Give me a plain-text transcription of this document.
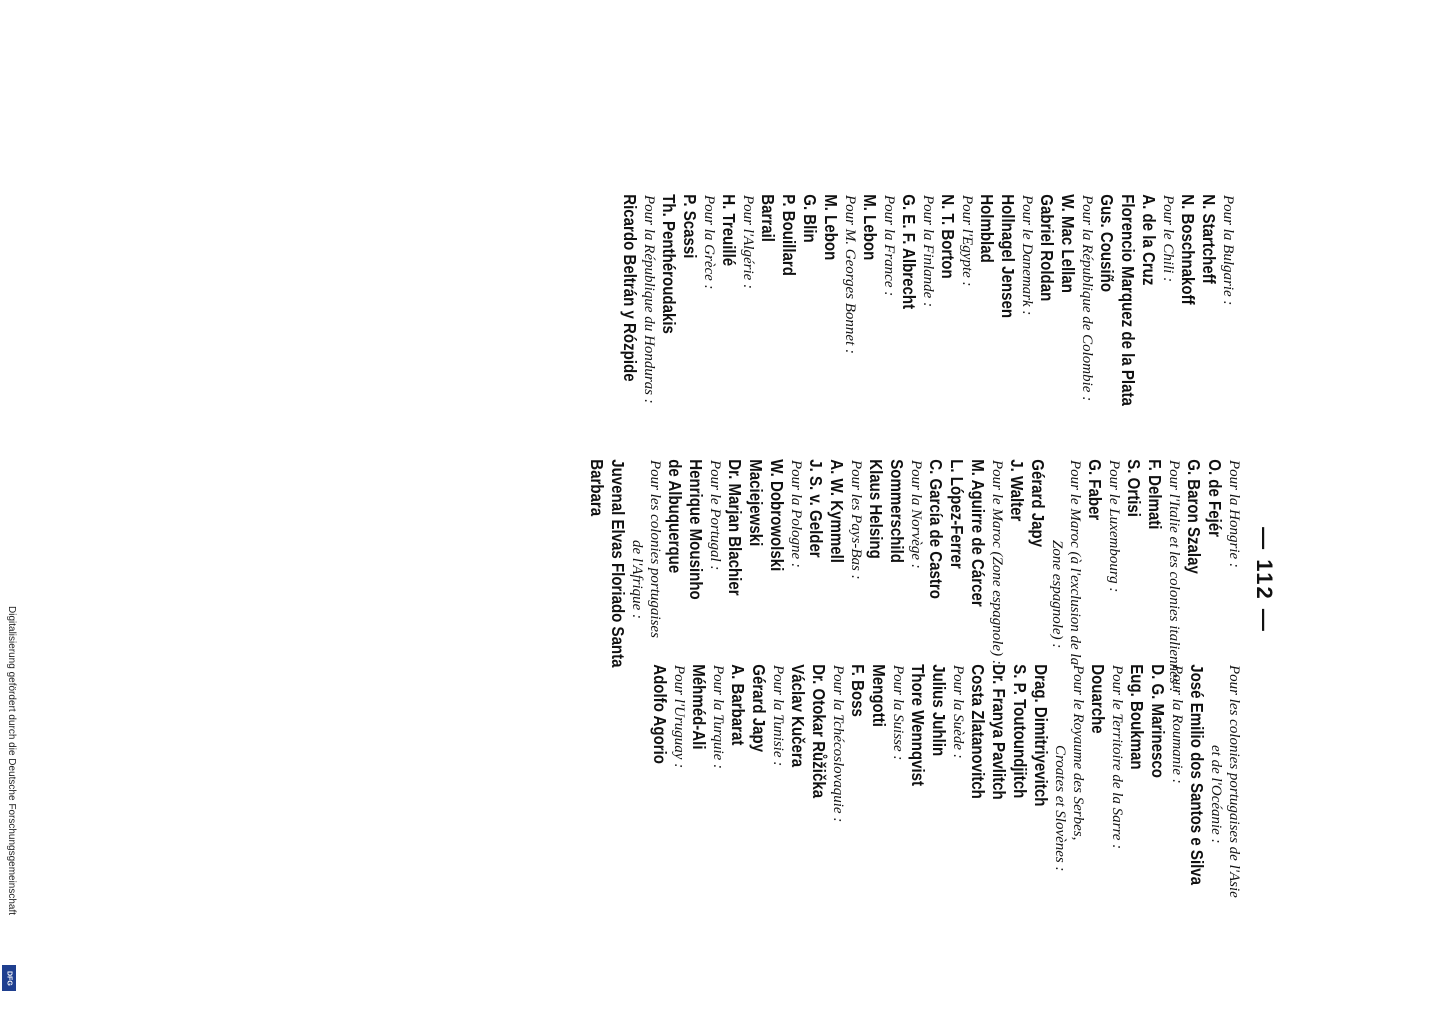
— 112 —
Pour la Bulgarie :
N. Startcheff
N. Boschnakoff
Pour le Chili :
A. de la Cruz
Florencio Marquez de la Plata
Gus. Cousiño
Pour la République de Colombie :
W. Mac Lellan
Gabriel Roldan
Pour le Danemark :
Hollnagel Jensen
Holmblad
Pour l'Egypte :
N. T. Borton
Pour la Finlande :
G. E. F. Albrecht
Pour la France :
M. Lebon
Pour M. Georges Bonnet :
M. Lebon
G. Blin
P. Bouillard
Barrail
Pour l'Algérie :
H. Treuillé
Pour la Grèce :
P. Scassi
Th. Penthéroudakis
Pour la République du Honduras :
Ricardo Beltrán y Rózpide
Pour la Hongrie :
O. de Fejér
G. Baron Szalay
Pour l'Italie et les colonies italiennes :
F. Delmati
S. Ortisi
Pour le Luxembourg :
G. Faber
Pour le Maroc (à l'exclusion de la
Zone espagnole) :
Gérard Japy
J. Walter
Pour le Maroc (Zone espagnole) :
M. Aguirre de Cárcer
L. López-Ferrer
C. García de Castro
Pour la Norvège :
Sommerschild
Klaus Helsing
Pour les Pays-Bas :
A. W. Kymmell
J. S. v. Gelder
Pour la Pologne :
W. Dobrowolski
Maciejewski
Dr. Marjan Blachier
Pour le Portugal :
Henrique Mousinho
de Albuquerque
Pour les colonies portugaises
de l'Afrique :
Juvenal Elvas Floriado Santa
Barbara
Pour les colonies portugaises de l'Asie
et de l'Océanie :
José Emilio dos Santos e Silva
Pour la Roumanie :
D. G. Marinesco
Eug. Boukman
Pour le Territoire de la Sarre :
Douarche
Pour le Royaume des Serbes,
Croates et Slovènes :
Drag. Dimitriyevitch
S. P. Toutoundjitch
Dr. Franya Pavlitch
Costa Zlatanovitch
Pour la Suède :
Julius Juhlin
Thore Wennqvist
Pour la Suisse :
Mengotti
F. Boss
Pour la Tchécoslovaquie :
Dr. Otokar Růžička
Václav Kučera
Pour la Tunisie :
Gérard Japy
A. Barbarat
Pour la Turquie :
Méhméd-Ali
Pour l'Uruguay :
Adolfo Agorio
Digitalisierung gefördert durch die Deutsche Forschungsgemeinschaft
DFG
